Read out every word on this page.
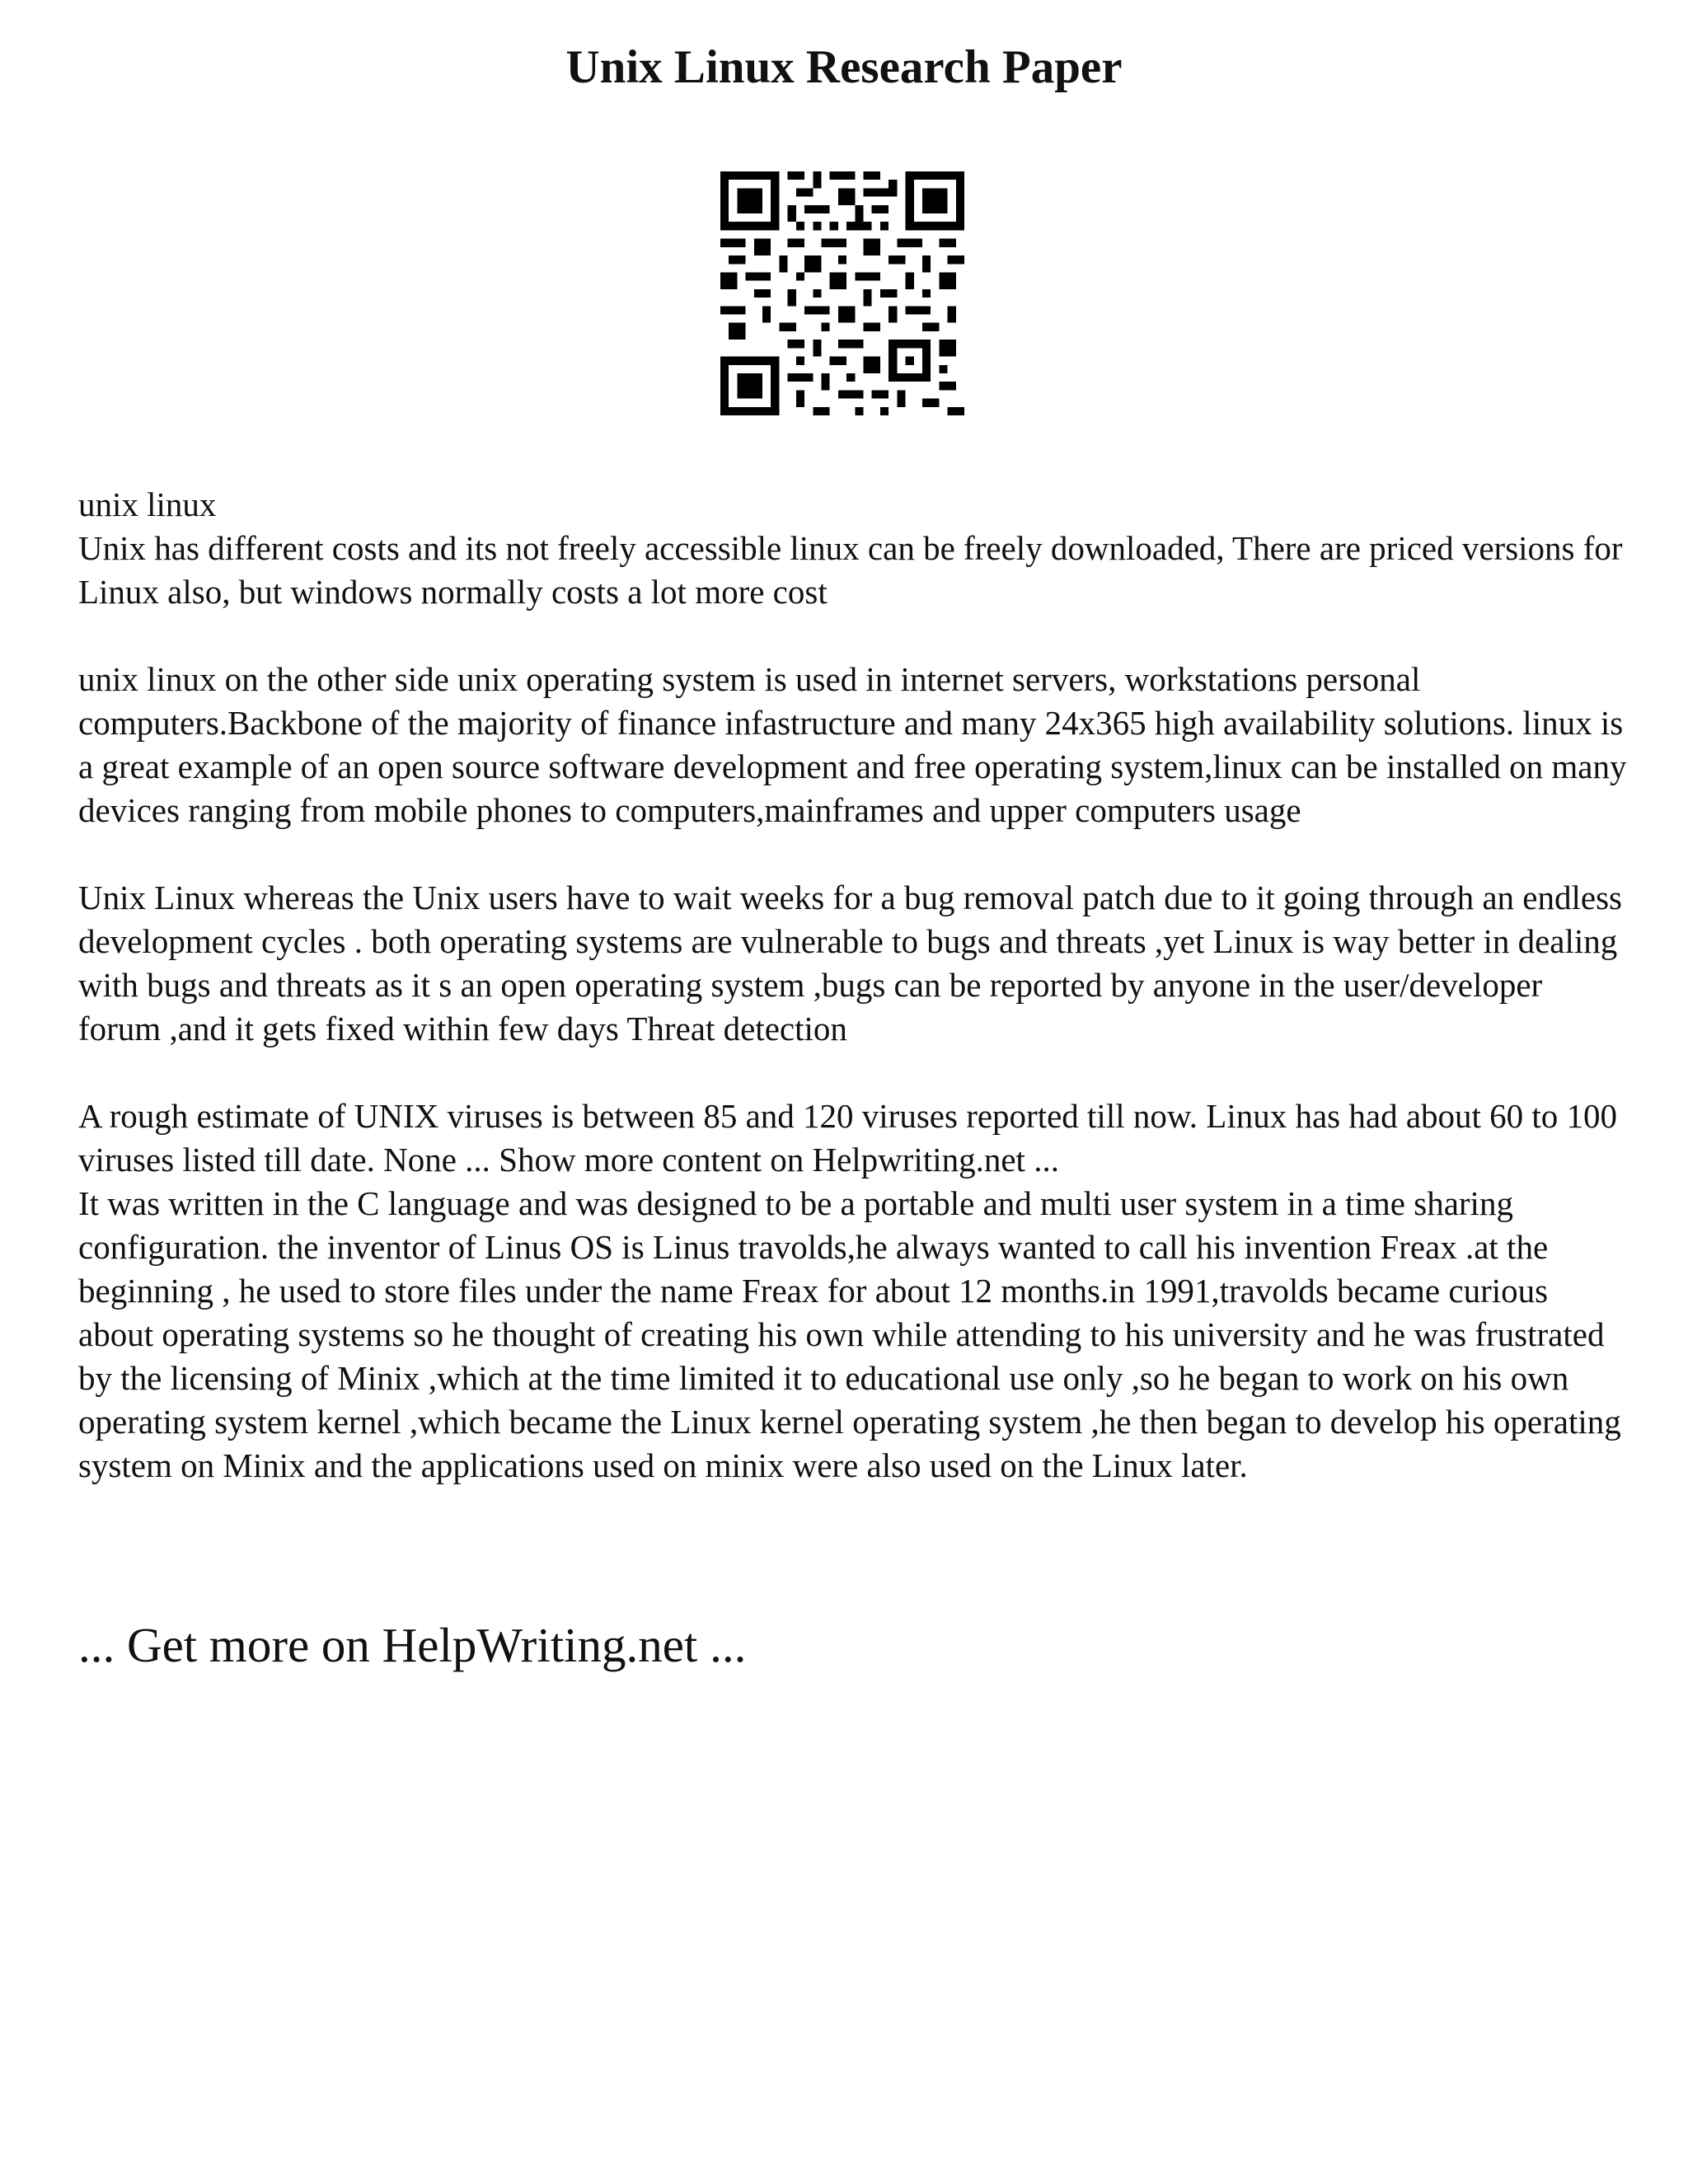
Unix Linux Research Paper

unix linux
Unix has different costs and its not freely accessible linux can be freely downloaded, There are priced versions for Linux also, but windows normally costs a lot more cost

unix linux on the other side unix operating system is used in internet servers, workstations personal computers.Backbone of the majority of finance infastructure and many 24x365 high availability solutions. linux is a great example of an open source software development and free operating system,linux can be installed on many devices ranging from mobile phones to computers,mainframes and upper computers usage

Unix Linux whereas the Unix users have to wait weeks for a bug removal patch due to it going through an endless development cycles . both operating systems are vulnerable to bugs and threats ,yet Linux is way better in dealing with bugs and threats as it s an open operating system ,bugs can be reported by anyone in the user/developer forum ,and it gets fixed within few days Threat detection

A rough estimate of UNIX viruses is between 85 and 120 viruses reported till now. Linux has had about 60 to 100 viruses listed till date. None ... Show more content on Helpwriting.net ...

It was written in the C language and was designed to be a portable and multi user system in a time sharing configuration. the inventor of Linus OS is Linus travolds,he always wanted to call his invention Freax .at the beginning , he used to store files under the name Freax for about 12 months.in 1991,travolds became curious about operating systems so he thought of creating his own while attending to his university and he was frustrated by the licensing of Minix ,which at the time limited it to educational use only ,so he began to work on his own operating system kernel ,which became the Linux kernel operating system ,he then began to develop his operating system on Minix and the applications used on minix were also used on the Linux later.

... Get more on HelpWriting.net ...
